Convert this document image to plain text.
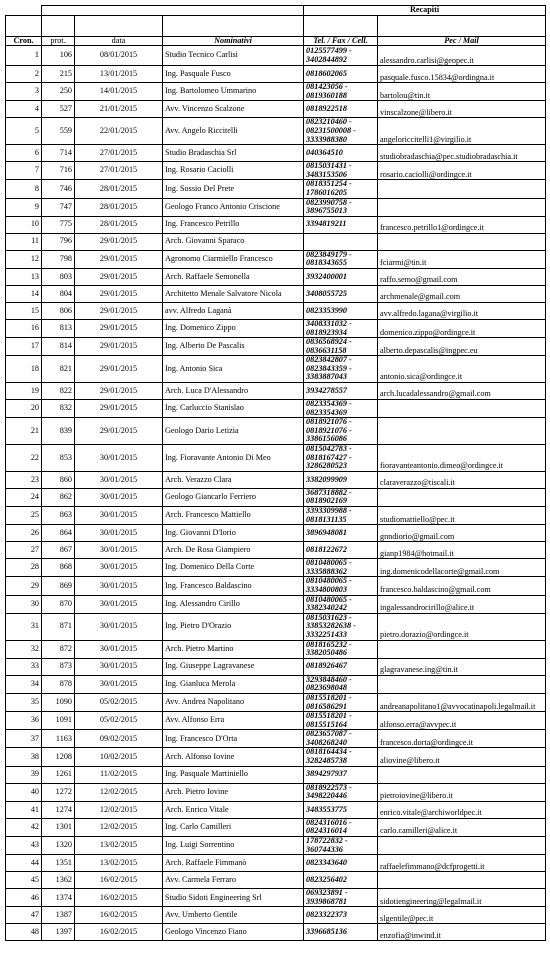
				Recapiti	

Cron.	prot.	data	Nominativi	Tel. / Fax / Cell.	Pec / Mail
1	106	08/01/2015	Studio Tecnico Carlisi	0125577499 - 3402844892	alessandro.carlisi@geopec.it
2	215	13/01/2015	Ing. Pasquale Fusco	0818602065	pasquale.fusco.15834@ordingna.it
3	250	14/01/2015	Ing. Bartolomeo Ummarino	081423056 - 0819360188	bartolou@tin.it
4	527	21/01/2015	Avv. Vincenzo Scalzone	0818922518	vinscalzone@libero.it
5	559	22/01/2015	Avv. Angelo Riccitelli	0823210460 - 08231500008 - 3333988380	angeloriccitelli1@virgilio.it
6	714	27/01/2015	Studio Bradaschia Srl	040364510	studiobradaschia@pec.studiobradaschia.it
7	716	27/01/2015	Ing. Rosario Caciolli	0815031431 - 3483153506	rosario.caciolli@ordingce.it
8	746	28/01/2015	Ing. Sossio Del Prete	0818351254 - 1786016205	
9	747	28/01/2015	Geologo Franco Antonio Criscione	0823990758 - 3896755013	
10	775	28/01/2015	Ing. Francesco Petrillo	3394819211	francesco.petrillo1@ordingce.it
11	796	29/01/2015	Arch. Giovanni Sparaco		
12	798	29/01/2015	Agronomo Ciarmiello Francesco	0823849179 - 0818343655	fciarmi@tin.it
13	803	29/01/2015	Arch. Raffaele Semonella	3932400001	raffo.semo@gmail.com
14	804	29/01/2015	Architetto Menale Salvatore Nicola	3408055725	archmenale@gmail.com
15	806	29/01/2015	avv. Alfredo Laganà	0823353990	avv.alfredo.lagana@virgilio.it
16	813	29/01/2015	Ing. Domenico Zippo	3408331032 - 0818923934	domenico.zippo@ordingce.it
17	814	29/01/2015	Ing. Alberto De Pascalis	0836568924 - 0836631158	alberto.depascalis@ingpec.eu
18	821	29/01/2015	Ing. Antonio Sica	0823842807 - 0823843359 - 3383887043	antonio.sica@ordingce.it
19	822	29/01/2015	Arch. Luca D'Alessandro	3934278557	arch.lucadalessandro@gmail.com
20	832	29/01/2015	Ing. Carluccio Stanislao	0823354369 - 0823354369	
21	839	29/01/2015	Geologo Dario Letizia	0818921076 - 0818921076 - 3386156086	
22	853	30/01/2015	Ing. Fioravante Antonio Di Meo	0815042783 - 0818167427 - 3286280523	fioravanteantonio.dimeo@ordingce.it
23	860	30/01/2015	Arch. Verazzo Clara	3382099909	claraverazzo@tiscali.it
24	862	30/01/2015	Geologo Giancarlo Ferriero	3687318882 - 0818902169	
25	863	30/01/2015	Arch. Francesco Mattiello	3393309988 - 0818131135	studiomattiello@pec.it
26	864	30/01/2015	Ing. Giovanni D'Iorio	3896948081	gnndiorio@gmail.com
27	867	30/01/2015	Arch. De Rosa Giampiero	0818122672	gianp1984@hotmail.it
28	868	30/01/2015	Ing. Domenico Della Corte	0810480065 - 3335888362	ing.domenicodellacorte@gmail.com
29	869	30/01/2015	Ing. Francesco Baldascino	0810480065 - 3334800803	francesco.baldascino@gmail.com
30	870	30/01/2015	Ing. Alessandro Cirillo	0810480065 - 3382340242	ingalessandrocirillo@alice.it
31	871	30/01/2015	Ing. Pietro D'Orazio	0815031623 - 33853282638 - 3332251433	pietro.dorazio@ordingce.it
32	872	30/01/2015	Arch. Pietro Martino	0818165232 - 3382050486	
33	873	30/01/2015	Ing. Giuseppe Lagravanese	0818926467	glagravanese.ing@tin.it
34	878	30/01/2015	Ing. Gianluca Merola	3293848460 - 0823698048	
35	1090	05/02/2015	Avv. Andrea Napolitano	0815518201 - 0816586291	andreanapolitano1@avvocatinapoli.legalmail.it
36	1091	05/02/2015	Avv. Alfonso Erra	0815518201 - 0815515164	alfonso.erra@avvpec.it
37	1163	09/02/2015	Ing. Francesco D'Orta	0823657087 - 3408268240	francesco.dorta@ordingce.it
38	1208	10/02/2015	Arch. Alfonso Iovine	0818164434 - 3282485738	aliovine@libero.it
39	1261	11/02/2015	Ing. Pasquale Martiniello	3894297937	
40	1272	12/02/2015	Arch. Pietro Iovine	0818922573 - 3498220446	pietroiovine@libero.it
41	1274	12/02/2015	Arch. Enrico Vitale	3483553775	enrico.vitale@archiworldpec.it
42	1301	12/02/2015	Ing. Carlo Camilleri	0824316016 - 0824316014	carlo.camilleri@alice.it
43	1320	13/02/2015	Ing. Luigi Sorrentino	178722832 - 360744336	
44	1351	13/02/2015	Arch. Raffaele Fimmanò	0823343640	raffaelefimmano@dcfprogetti.it
45	1362	16/02/2015	Avv. Carmela Ferraro	0823256402	
46	1374	16/02/2015	Studio Sidoti Engineering Srl	069323891 - 3939868781	sidotiengineering@legalmail.it
47	1387	16/02/2015	Avv. Umberto Gentile	0823322373	slgentile@pec.it
48	1397	16/02/2015	Geologo Vincenzo Fiano	3396685136	enzofia@inwind.it
